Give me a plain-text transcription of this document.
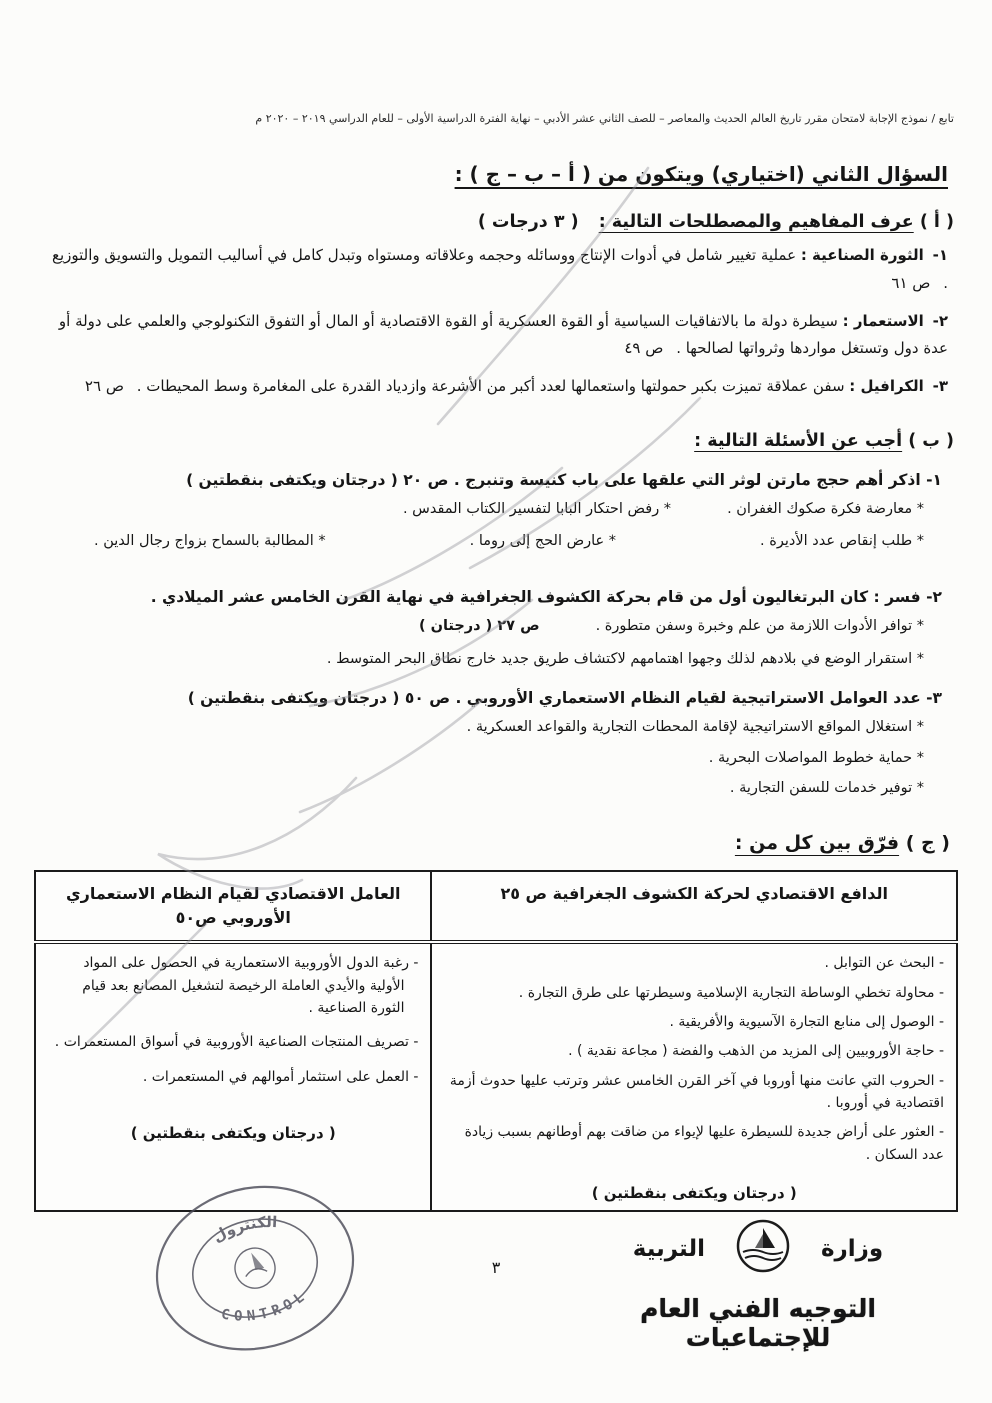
تابع / نموذج الإجابة لامتحان مقرر تاريخ العالم الحديث والمعاصر – للصف الثاني عشر الأدبي – نهاية الفترة الدراسية الأولى – للعام الدراسي ٢٠١٩ – ٢٠٢٠ م
السؤال الثاني (اختياري) ويتكون من ( أ – ب – ج ) :
( أ ) عرف المفاهيم والمصطلحات التالية : ( ٣ درجات )

١- الثورة الصناعية : عملية تغيير شامل في أدوات الإنتاج ووسائله وحجمه وعلاقاته ومستواه وتبدل كامل في أساليب التمويل والتسويق والتوزيع . ص ٦١

٢- الاستعمار : سيطرة دولة ما بالاتفاقيات السياسية أو القوة العسكرية أو القوة الاقتصادية أو المال أو التفوق التكنولوجي والعلمي على دولة أو عدة دول وتستغل مواردها وثرواتها لصالحها . ص ٤٩

٣- الكرافيل : سفن عملاقة تميزت بكبر حمولتها واستعمالها لعدد أكبر من الأشرعة وازدياد القدرة على المغامرة وسط المحيطات . ص ٢٦

( ب ) أجب عن الأسئلة التالية :
١- اذكر أهم حجج مارتن لوثر التي علقها على باب كنيسة وتنبرج . ص ٢٠ ( درجتان ويكتفى بنقطتين )
* معارضة فكرة صكوك الغفران .
* رفض احتكار البابا لتفسير الكتاب المقدس .
* طلب إنقاص عدد الأديرة .
* عارض الحج إلى روما .
* المطالبة بالسماح بزواج رجال الدين .
٢- فسر : كان البرتغاليون أول من قام بحركة الكشوف الجغرافية في نهاية القرن الخامس عشر الميلادي .
* توافر الأدوات اللازمة من علم وخبرة وسفن متطورة .
ص ٢٧ ( درجتان )
* استقرار الوضع في بلادهم لذلك وجهوا اهتمامهم لاكتشاف طريق جديد خارج نطاق البحر المتوسط .
٣- عدد العوامل الاستراتيجية لقيام النظام الاستعماري الأوروبي . ص ٥٠ ( درجتان ويكتفى بنقطتين )
* استغلال المواقع الاستراتيجية لإقامة المحطات التجارية والقواعد العسكرية .
* حماية خطوط المواصلات البحرية .
* توفير خدمات للسفن التجارية .
( ج ) فرّق بين كل من :
الدافع الاقتصادي لحركة الكشوف الجغرافية ص ٢٥	العامل الاقتصادي لقيام النظام الاستعماري الأوروبي ص٥٠

- البحث عن التوابل .
- محاولة تخطي الوساطة التجارية الإسلامية وسيطرتها على طرق التجارة .
- الوصول إلى منابع التجارة الآسيوية والأفريقية .
- حاجة الأوروبيين إلى المزيد من الذهب والفضة ( مجاعة نقدية ) .
- الحروب التي عانت منها أوروبا في آخر القرن الخامس عشر وترتب عليها حدوث أزمة اقتصادية في أوروبا .
- العثور على أراض جديدة للسيطرة عليها لإيواء من ضاقت بهم أوطانهم بسبب زيادة عدد السكان .
( درجتان ويكتفى بنقطتين )

- رغبة الدول الأوروبية الاستعمارية في الحصول على المواد الأولية والأيدي العاملة الرخيصة لتشغيل المصانع بعد قيام الثورة الصناعية .
- تصريف المنتجات الصناعية الأوروبية في أسواق المستعمرات .
- العمل على استثمار أموالهم في المستعمرات .
( درجتان ويكتفى بنقطتين )
٣
وزارة
التربية
التوجيه الفني العام للإجتماعيات
الكنترول
CONTROL
